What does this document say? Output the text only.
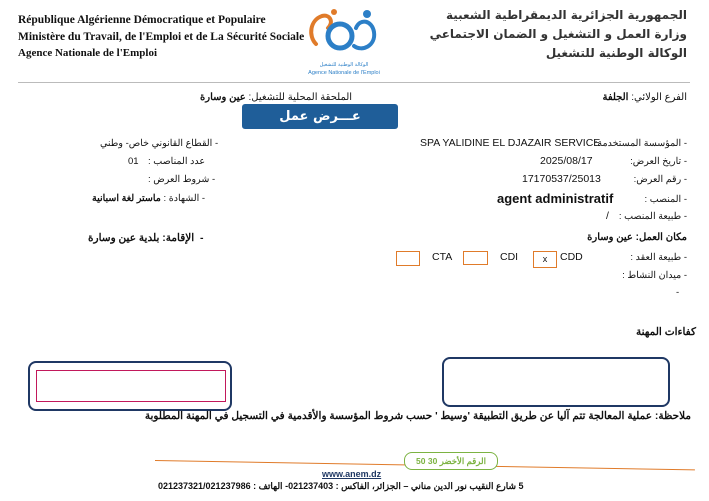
République Algérienne Démocratique et Populaire
Ministère du Travail, de l'Emploi et de La Sécurité Sociale
Agence Nationale de l'Emploi
الوكالة الوطنية للتشغيل
Agence Nationale de l'Emploi
الجمهورية الجزائرية الديمقراطية الشعبية
وزارة العمل و التشغيل و الضمان الاجتماعي
الوكالة الوطنية للتشغيل
الفرع الولائي: الجلفة
الملحقة المحلية للتشغيل: عين وسارة
عـــرض عمل
- المؤسسة المستخدمة:
SPA YALIDINE EL DJAZAIR SERVICE
- تاريخ العرض:
2025/08/17
- رقم العرض:
17170537/25013
- المنصب :
agent administratif
- طبيعة المنصب :
/
مكان العمل: عين وسارة
- طبيعة العقد :
- ميدان النشاط :
-
CDD
x
CDI
CTA
- القطاع القانوني خاص- وطني
01 عدد المناصب :
- شروط العرض :
- الشهادة : ماستر لغة اسبانية
الإقامة: بلدية عين وسارة -
كفاءات المهنة
ملاحظة: عملية المعالجة تتم آليا عن طريق التطبيقة 'وسيط ' حسب شروط المؤسسة والأقدمية في التسجيل في المهنة المطلوبة
الرقم الأخضر 30 50
www.anem.dz
5 شارع النقيب نور الدين مناني – الجزائر، الفاكس : 021237403- الهاتف : 021237321/021237986
